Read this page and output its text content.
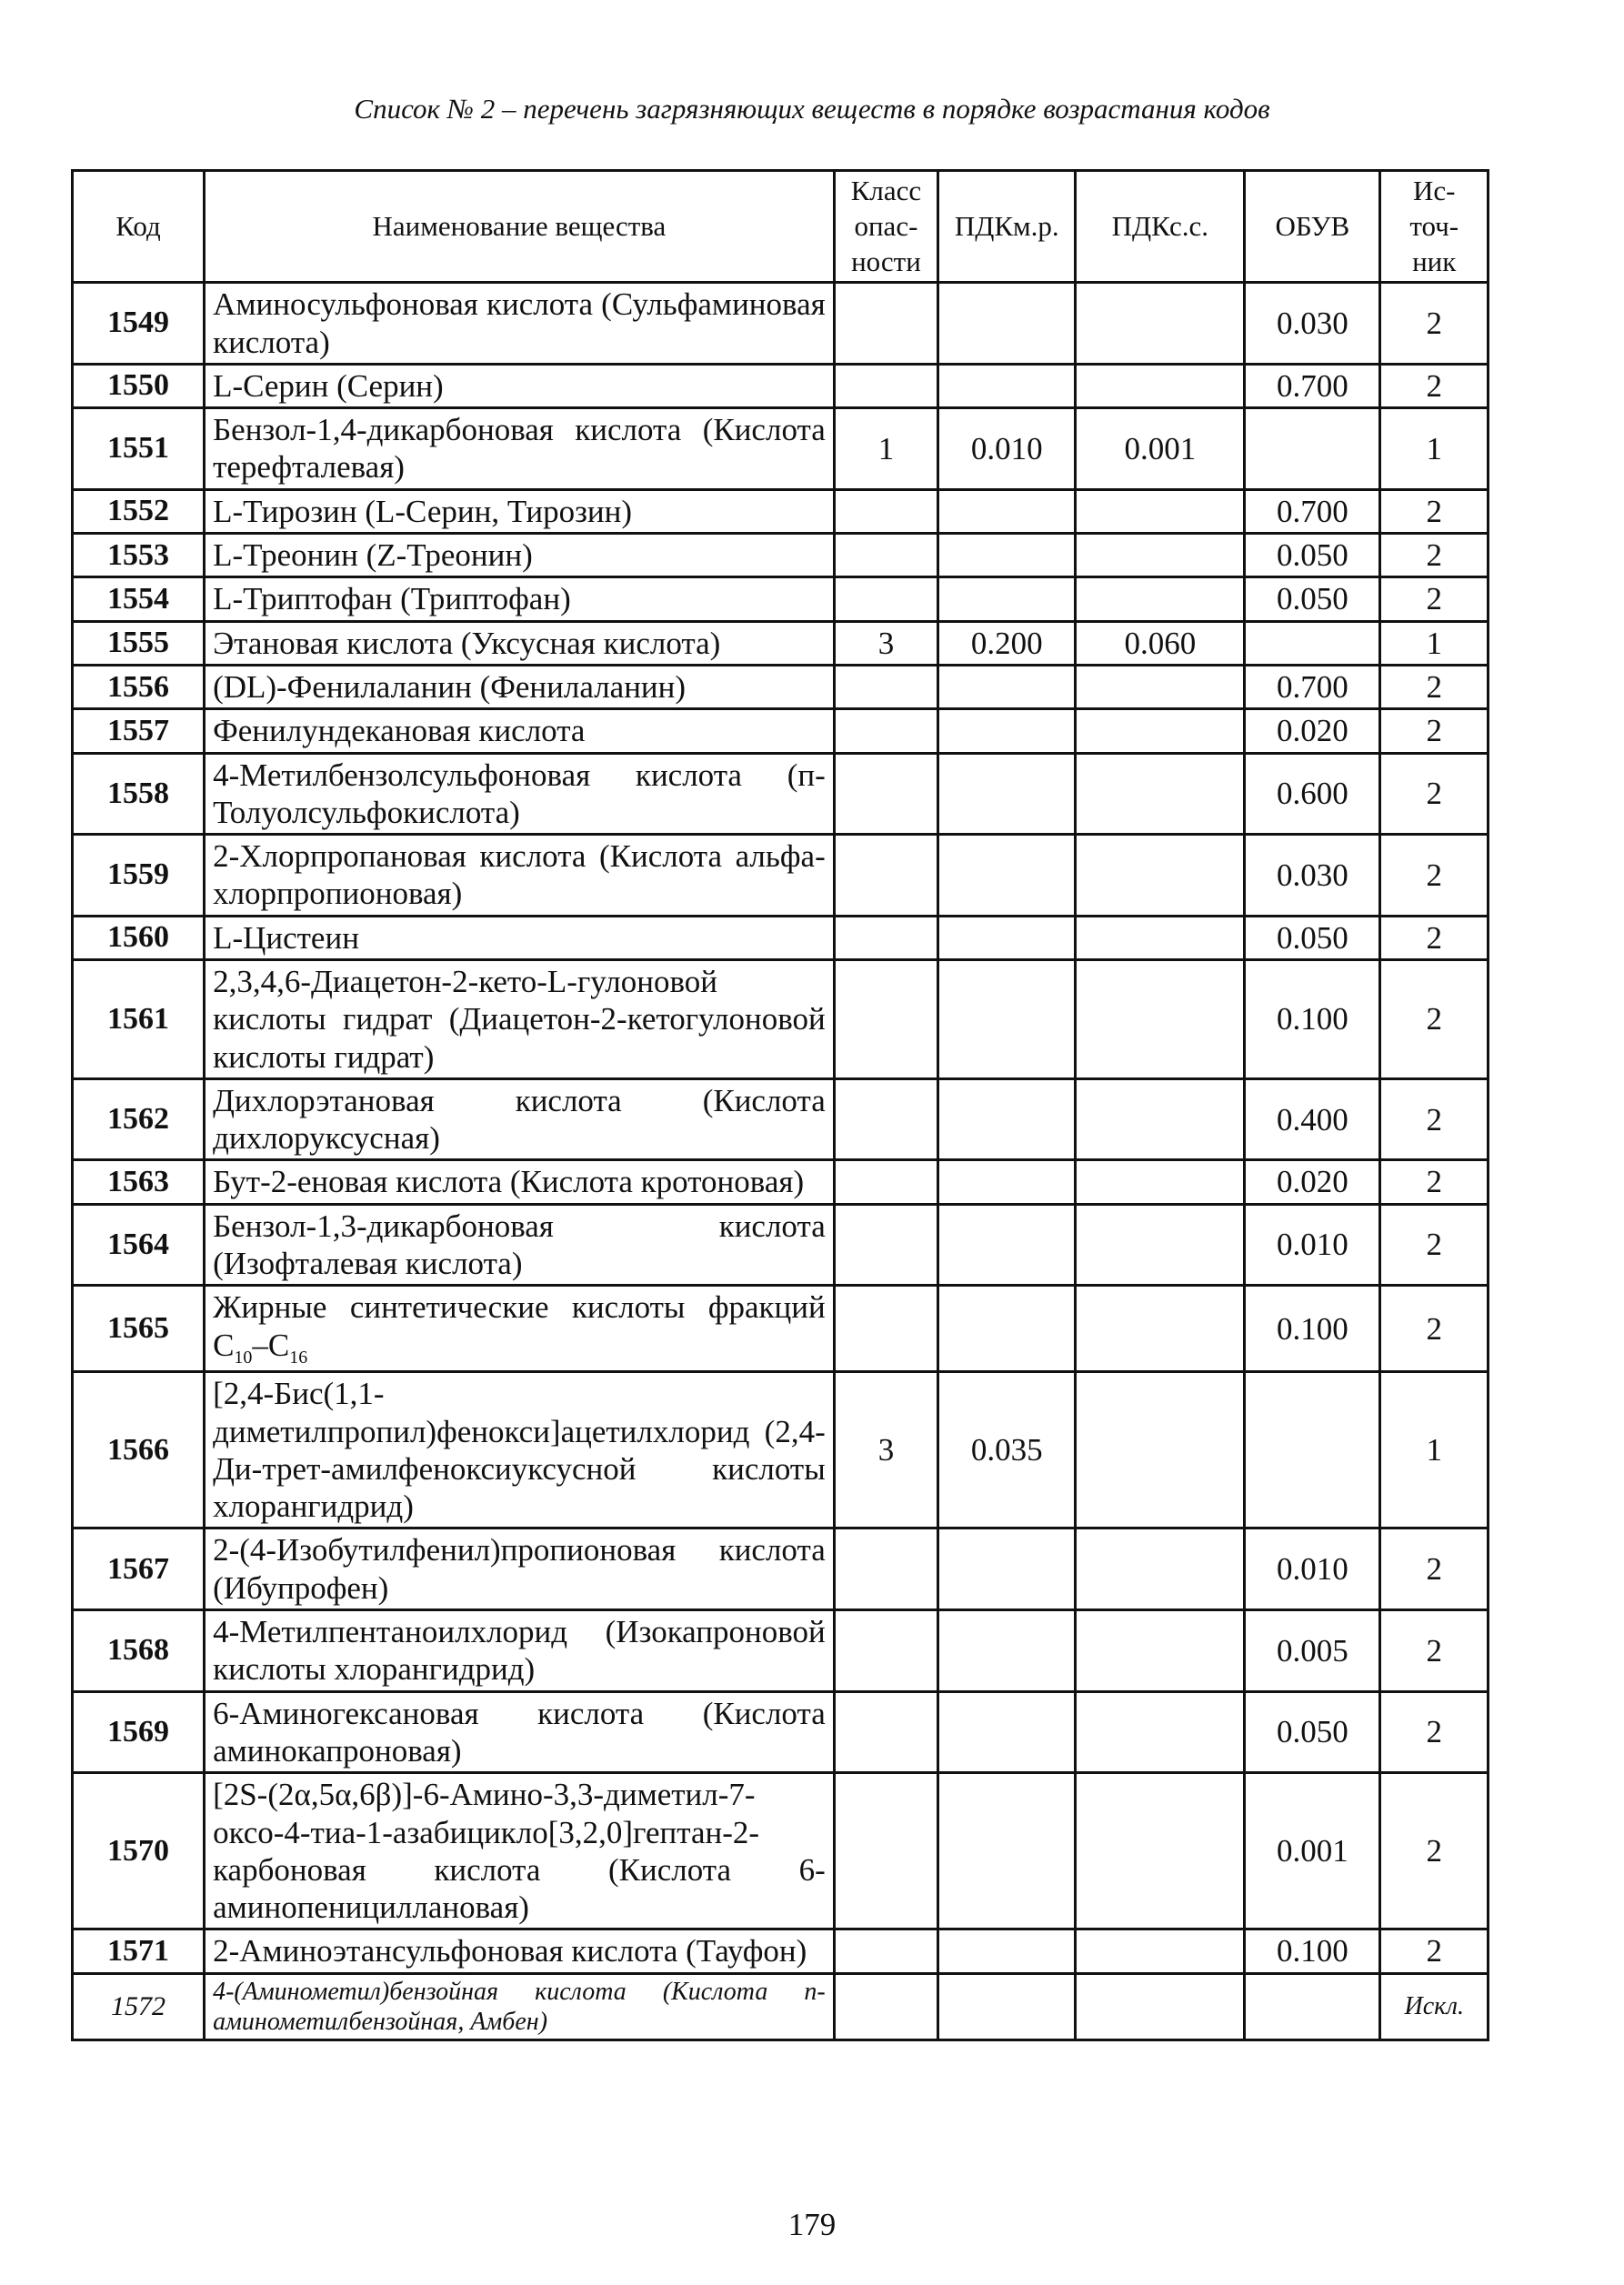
Список № 2 – перечень загрязняющих веществ в порядке возрастания кодов
Код	Наименование вещества	Класс опас-ности	ПДКм.р.	ПДКс.с.	ОБУВ	Ис-точ-ник
1549	Аминосульфоновая кислота (Сульфаминовая кислота)				0.030	2
1550	L-Серин (Серин)				0.700	2
1551	Бензол-1,4-дикарбоновая кислота (Кислота терефталевая)	1	0.010	0.001		1
1552	L-Тирозин (L-Серин, Тирозин)				0.700	2
1553	L-Треонин (Z-Треонин)				0.050	2
1554	L-Триптофан (Триптофан)				0.050	2
1555	Этановая кислота (Уксусная кислота)	3	0.200	0.060		1
1556	(DL)-Фенилаланин (Фенилаланин)				0.700	2
1557	Фенилундекановая кислота				0.020	2
1558	4-Метилбензолсульфоновая кислота (п-Толуолсульфокислота)				0.600	2
1559	2-Хлорпропановая кислота (Кислота альфа-хлорпропионовая)				0.030	2
1560	L-Цистеин				0.050	2
1561	2,3,4,6-Диацетон-2-кето-L-гулоновой кислоты гидрат (Диацетон-2-кетогулоновой кислоты гидрат)				0.100	2
1562	Дихлорэтановая кислота (Кислота дихлоруксусная)				0.400	2
1563	Бут-2-еновая кислота (Кислота кротоновая)				0.020	2
1564	Бензол-1,3-дикарбоновая кислота (Изофталевая кислота)				0.010	2
1565	Жирные синтетические кислоты фракций $C_{10}-C_{16}$				0.100	2
1566	[2,4-Бис(1,1-диметилпропил)фенокси]ацетилхлорид (2,4-Ди-трет-амилфеноксиуксусной кислоты хлорангидрид)	3	0.035			1
1567	2-(4-Изобутилфенил)пропионовая кислота (Ибупрофен)				0.010	2
1568	4-Метилпентаноилхлорид (Изокапроновой кислоты хлорангидрид)				0.005	2
1569	6-Аминогексановая кислота (Кислота аминокапроновая)				0.050	2
1570	[2S-(2α,5α,6β)]-6-Амино-3,3-диметил-7-оксо-4-тиа-1-азабицикло[3,2,0]гептан-2-карбоновая кислота (Кислота 6-аминопенициллановая)				0.001	2
1571	2-Аминоэтансульфоновая кислота (Тауфон)				0.100	2
1572	4-(Аминометил)бензойная кислота (Кислота п-аминометилбензойная, Амбен)					Искл.
179
